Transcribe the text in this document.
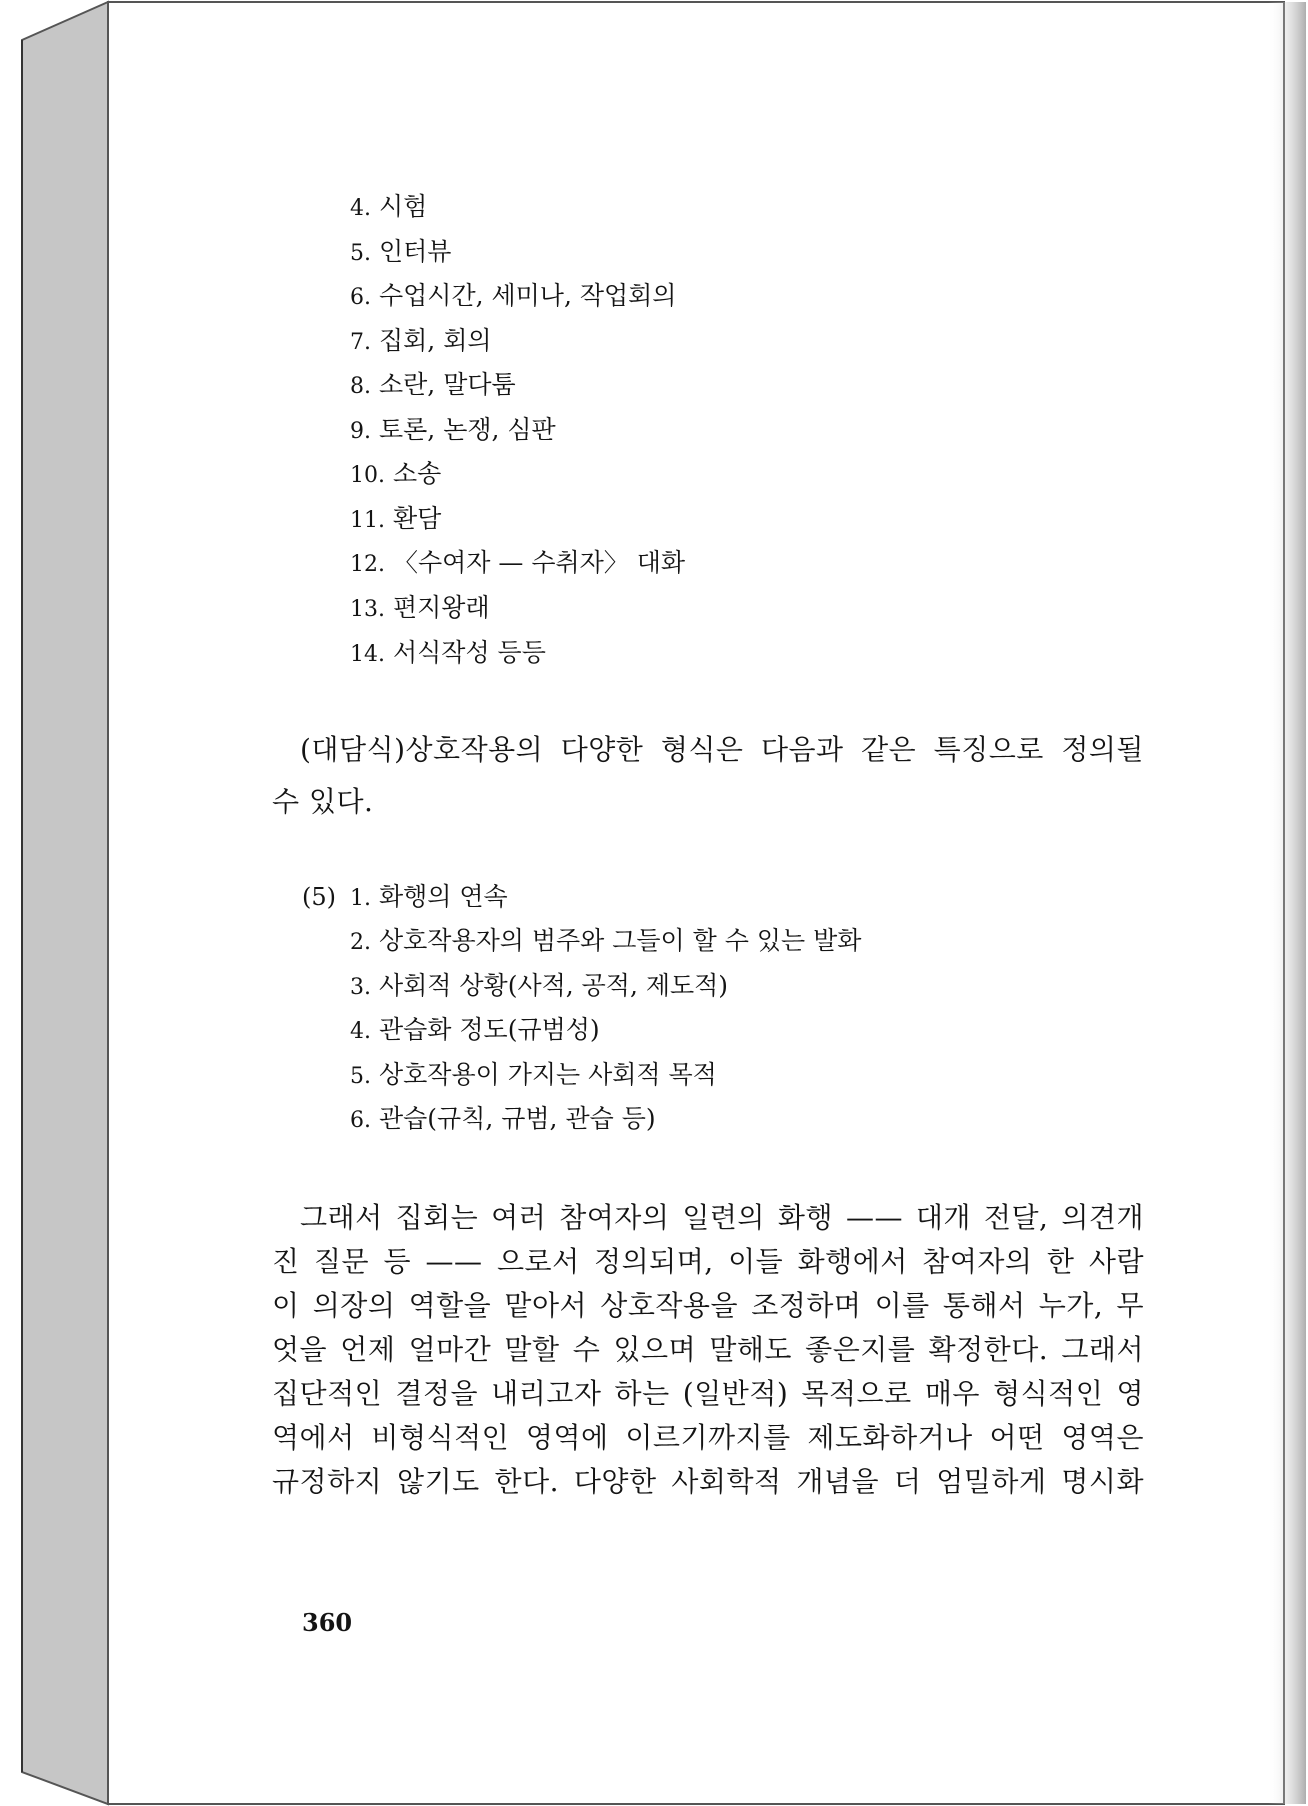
4. 시험
5. 인터뷰
6. 수업시간, 세미나, 작업회의
7. 집회, 회의
8. 소란, 말다툼
9. 토론, 논쟁, 심판
10. 소송
11. 환담
12. 〈수여자 — 수취자〉 대화
13. 편지왕래
14. 서식작성 등등
(대담식)상호작용의 다양한 형식은 다음과 같은 특징으로 정의될
수 있다.
(5) 1. 화행의 연속
2. 상호작용자의 범주와 그들이 할 수 있는 발화
3. 사회적 상황(사적, 공적, 제도적)
4. 관습화 정도(규범성)
5. 상호작용이 가지는 사회적 목적
6. 관습(규칙, 규범, 관습 등)
그래서 집회는 여러 참여자의 일련의 화행 —— 대개 전달, 의견개
진 질문 등 —— 으로서 정의되며, 이들 화행에서 참여자의 한 사람
이 의장의 역할을 맡아서 상호작용을 조정하며 이를 통해서 누가, 무
엇을 언제 얼마간 말할 수 있으며 말해도 좋은지를 확정한다. 그래서
집단적인 결정을 내리고자 하는 (일반적) 목적으로 매우 형식적인 영
역에서 비형식적인 영역에 이르기까지를 제도화하거나 어떤 영역은
규정하지 않기도 한다. 다양한 사회학적 개념을 더 엄밀하게 명시화
360
